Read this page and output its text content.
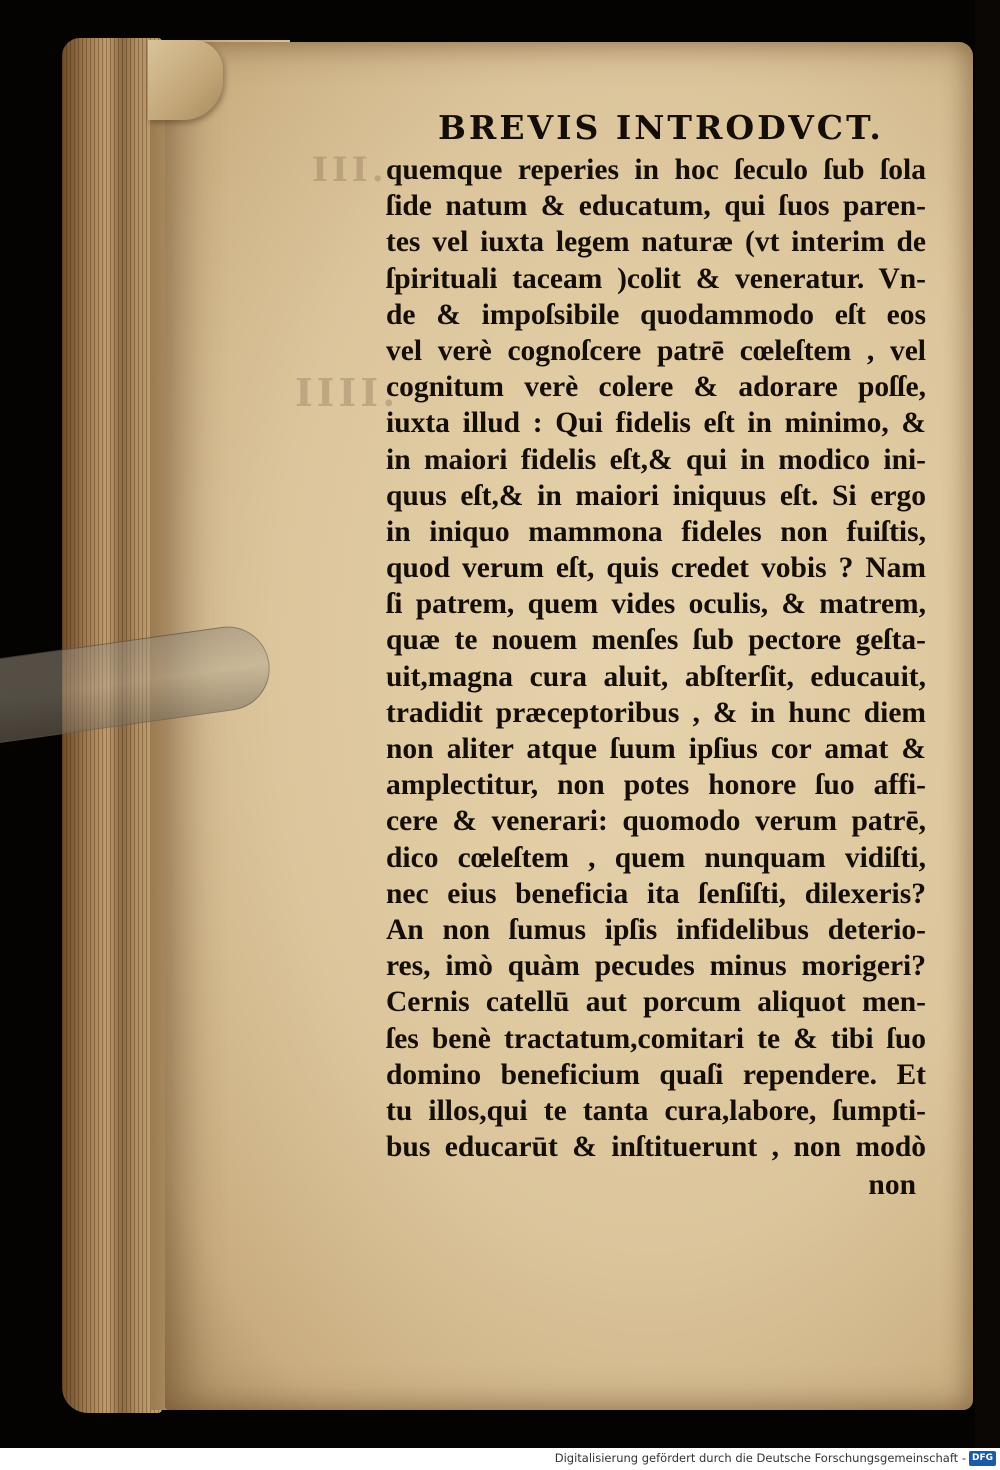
III.
IIII.
BREVIS INTRODVCT.
quemque reperies in hoc ſeculo ſub ſola
ſide natum & educatum, qui ſuos paren-
tes vel iuxta legem naturæ (vt interim de
ſpirituali taceam )colit & veneratur. Vn-
de & impoſsibile quodammodo eſt eos
vel verè cognoſcere patrē cœleſtem , vel
cognitum verè colere & adorare poſſe,
iuxta illud : Qui fidelis eſt in minimo, &
in maiori fidelis eſt,& qui in modico ini-
quus eſt,& in maiori iniquus eſt. Si ergo
in iniquo mammona fideles non fuiſtis,
quod verum eſt, quis credet vobis ? Nam
ſi patrem, quem vides oculis, & matrem,
quæ te nouem menſes ſub pectore geſta-
uit,magna cura aluit, abſterſit, educauit,
tradidit præceptoribus , & in hunc diem
non aliter atque ſuum ipſius cor amat &
amplectitur, non potes honore ſuo affi-
cere & venerari: quomodo verum patrē,
dico cœleſtem , quem nunquam vidiſti,
nec eius beneficia ita ſenſiſti, dilexeris?
An non ſumus ipſis infidelibus deterio-
res, imò quàm pecudes minus morigeri?
Cernis catellū aut porcum aliquot men-
ſes benè tractatum,comitari te & tibi ſuo
domino beneficium quaſi rependere. Et
tu illos,qui te tanta cura,labore, ſumpti-
bus educarūt & inſtituerunt , non modò
non
Digitalisierung gefördert durch die Deutsche Forschungsgemeinschaft - DFG
